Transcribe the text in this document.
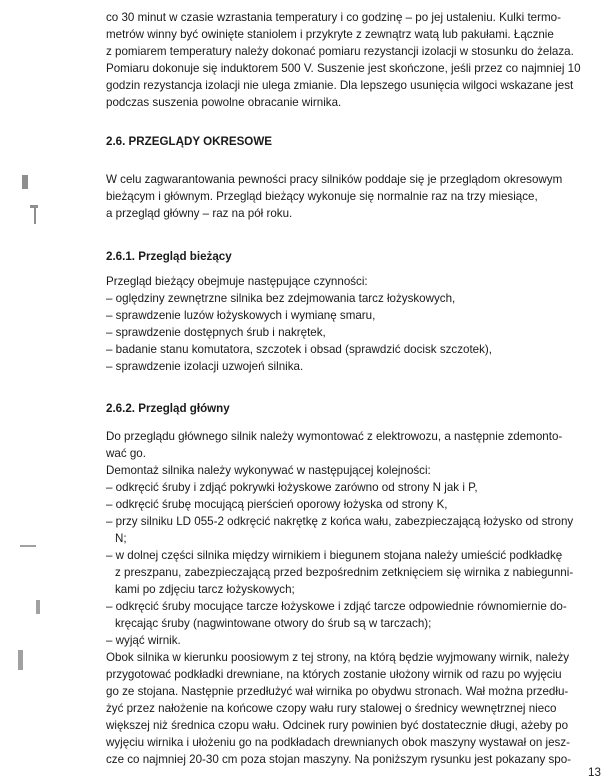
co 30 minut w czasie wzrastania temperatury i co godzinę – po jej ustaleniu. Kulki termo-
metrów winny być owinięte staniolem i przykryte z zewnątrz watą lub pakułami. Łącznie
z pomiarem temperatury należy dokonać pomiaru rezystancji izolacji w stosunku do żelaza.
Pomiaru dokonuje się induktorem 500 V. Suszenie jest skończone, jeśli przez co najmniej 10
godzin rezystancja izolacji nie ulega zmianie. Dla lepszego usunięcia wilgoci wskazane jest
podczas suszenia powolne obracanie wirnika.
2.6. PRZEGLĄDY OKRESOWE
W celu zagwarantowania pewności pracy silników poddaje się je przeglądom okresowym
bieżącym i głównym. Przegląd bieżący wykonuje się normalnie raz na trzy miesiące,
a przegląd główny – raz na pół roku.
2.6.1. Przegląd bieżący
Przegląd bieżący obejmuje następujące czynności:
– oględziny zewnętrzne silnika bez zdejmowania tarcz łożyskowych,
– sprawdzenie luzów łożyskowych i wymianę smaru,
– sprawdzenie dostępnych śrub i nakrętek,
– badanie stanu komutatora, szczotek i obsad (sprawdzić docisk szczotek),
– sprawdzenie izolacji uzwojeń silnika.
2.6.2. Przegląd główny
Do przeglądu głównego silnik należy wymontować z elektrowozu, a następnie zdemonto-
wać go.
Demontaż silnika należy wykonywać w następującej kolejności:
– odkręcić śruby i zdjąć pokrywki łożyskowe zarówno od strony N jak i P,
– odkręcić śrubę mocującą pierścień oporowy łożyska od strony K,
– przy silniku LD 055-2 odkręcić nakrętkę z końca wału, zabezpieczającą łożysko od strony
N;
– w dolnej części silnika między wirnikiem i biegunem stojana należy umieścić podkładkę
z preszpanu, zabezpieczającą przed bezpośrednim zetknięciem się wirnika z nabiegunni-
kami po zdjęciu tarcz łożyskowych;
– odkręcić śruby mocujące tarcze łożyskowe i zdjąć tarcze odpowiednie równomiernie do-
kręcając śruby (nagwintowane otwory do śrub są w tarczach);
– wyjąć wirnik.
Obok silnika w kierunku poosiowym z tej strony, na którą będzie wyjmowany wirnik, należy
przygotować podkładki drewniane, na których zostanie ułożony wirnik od razu po wyjęciu
go ze stojana. Następnie przedłużyć wał wirnika po obydwu stronach. Wał można przedłu-
żyć przez nałożenie na końcowe czopy wału rury stalowej o średnicy wewnętrznej nieco
większej niż średnica czopu wału. Odcinek rury powinien być dostatecznie długi, ażeby po
wyjęciu wirnika i ułożeniu go na podkładach drewnianych obok maszyny wystawał on jesz-
cze co najmniej 20-30 cm poza stojan maszyny. Na poniższym rysunku jest pokazany spo-
13
